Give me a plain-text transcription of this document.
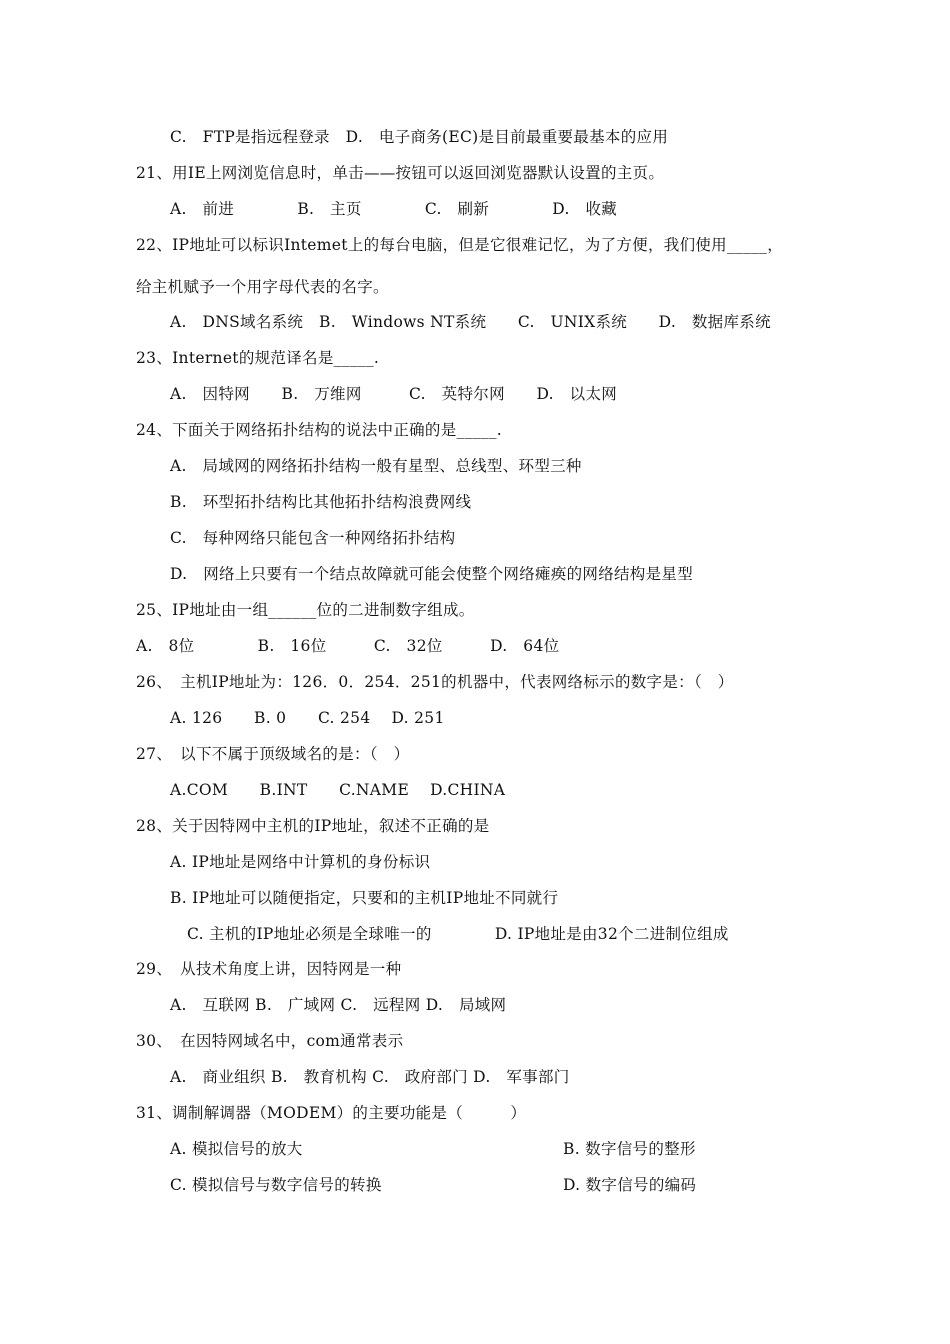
C.　FTP是指远程登录　D.　电子商务(EC)是目前最重要最基本的应用
21、用IE上网浏览信息时，单击——按钮可以返回浏览器默认设置的主页。
A.　前进　　　　B.　主页　　　　C.　刷新　　　　D.　收藏
22、IP地址可以标识Intemet上的每台电脑，但是它很难记忆，为了方便，我们使用_____，
给主机赋予一个用字母代表的名字。
A.　DNS域名系统　B.　Windows NT系统　　C.　UNIX系统　　D.　数据库系统
23、Internet的规范译名是_____.
A.　因特网　　B.　万维网　　　C.　英特尔网　　D.　以太网
24、下面关于网络拓扑结构的说法中正确的是_____.
A.　局域网的网络拓扑结构一般有星型、总线型、环型三种
B.　环型拓扑结构比其他拓扑结构浪费网线
C.　每种网络只能包含一种网络拓扑结构
D.　网络上只要有一个结点故障就可能会使整个网络瘫痪的网络结构是星型
25、IP地址由一组______位的二进制数字组成。
A.　8位　　　　B.　16位　　　C.　32位　　　D.　64位
26、　主机IP地址为：126．0．254．251的机器中，代表网络标示的数字是：（　）
A. 126　　B. 0　　C. 254　 D. 251
27、　以下不属于顶级域名的是：（　）
A.COM　　B.INT　　C.NAME　 D.CHINA
28、关于因特网中主机的IP地址，叙述不正确的是
A. IP地址是网络中计算机的身份标识
B. IP地址可以随便指定，只要和的主机IP地址不同就行
C. 主机的IP地址必须是全球唯一的　　　　D. IP地址是由32个二进制位组成
29、　从技术角度上讲，因特网是一种
A.　互联网 B.　广域网 C.　远程网 D.　局域网
30、　在因特网域名中，com通常表示
A.　商业组织 B.　教育机构 C.　政府部门 D.　军事部门
31、调制解调器（MODEM）的主要功能是（　　　）
A. 模拟信号的放大	B. 数字信号的整形
C. 模拟信号与数字信号的转换	D. 数字信号的编码
